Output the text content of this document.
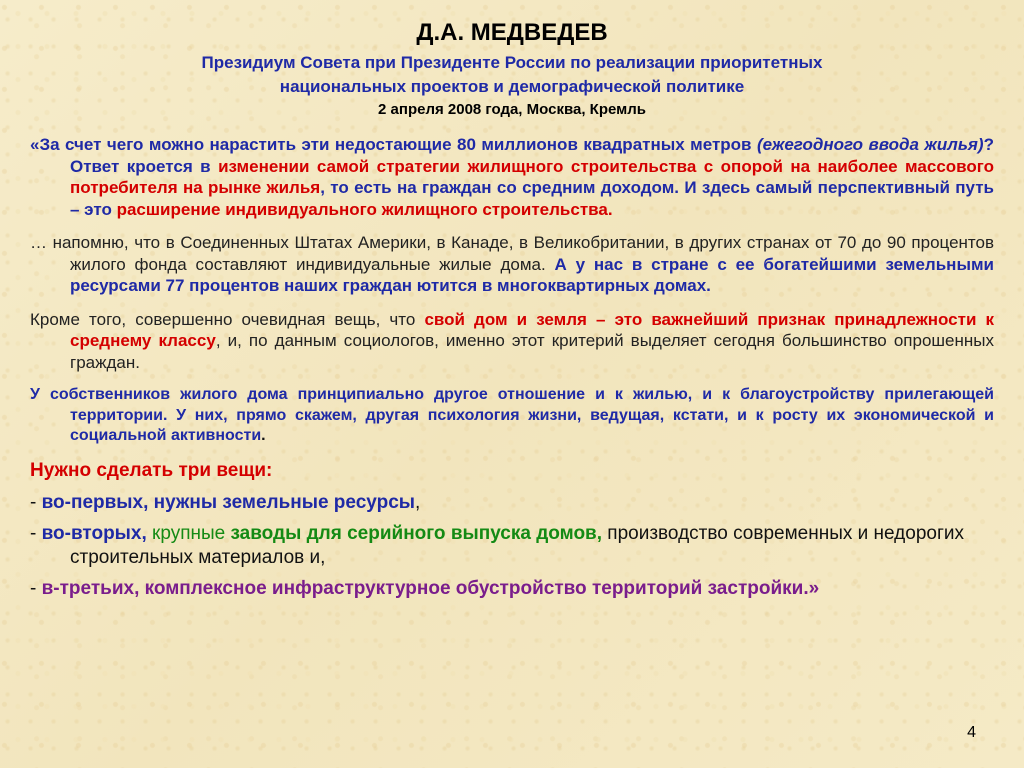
Д.А. МЕДВЕДЕВ
Президиум Совета при Президенте России по реализации приоритетных
национальных проектов и демографической политике
2 апреля 2008 года, Москва, Кремль

«За счет чего можно нарастить эти недостающие 80 миллионов квадратных метров (ежегодного ввода жилья)? Ответ кроется в изменении самой стратегии жилищного строительства с опорой на наиболее массового потребителя на рынке жилья, то есть на граждан со средним доходом. И здесь самый перспективный путь – это расширение индивидуального жилищного строительства.

… напомню, что в Соединенных Штатах Америки, в Канаде, в Великобритании, в других странах от 70 до 90 процентов жилого фонда составляют индивидуальные жилые дома. А у нас в стране с ее богатейшими земельными ресурсами 77 процентов наших граждан ютится в многоквартирных домах.

Кроме того, совершенно очевидная вещь, что свой дом и земля – это важнейший признак принадлежности к среднему классу, и, по данным социологов, именно этот критерий выделяет сегодня большинство опрошенных граждан.

У собственников жилого дома принципиально другое отношение и к жилью, и к благоустройству прилегающей территории. У них, прямо скажем, другая психология жизни, ведущая, кстати, и к росту их экономической и социальной активности.

Нужно сделать три вещи:

- во-первых, нужны земельные ресурсы,

- во-вторых, крупные заводы для серийного выпуска домов, производство современных и недорогих строительных материалов и,

- в-третьих, комплексное инфраструктурное обустройство территорий застройки.»

4
